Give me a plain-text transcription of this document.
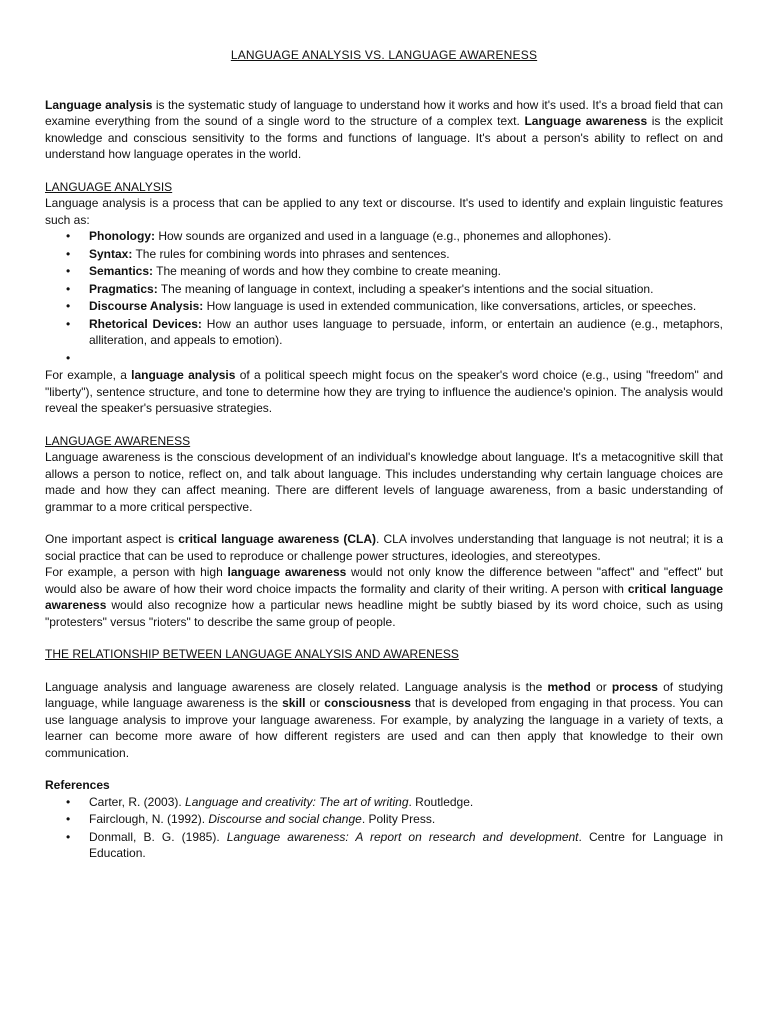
LANGUAGE ANALYSIS VS. LANGUAGE AWARENESS

Language analysis is the systematic study of language to understand how it works and how it's used. It's a broad field that can examine everything from the sound of a single word to the structure of a complex text. Language awareness is the explicit knowledge and conscious sensitivity to the forms and functions of language. It's about a person's ability to reflect on and understand how language operates in the world.

LANGUAGE ANALYSIS

Language analysis is a process that can be applied to any text or discourse. It's used to identify and explain linguistic features such as:

• Phonology: How sounds are organized and used in a language (e.g., phonemes and allophones).
• Syntax: The rules for combining words into phrases and sentences.
• Semantics: The meaning of words and how they combine to create meaning.
• Pragmatics: The meaning of language in context, including a speaker's intentions and the social situation.
• Discourse Analysis: How language is used in extended communication, like conversations, articles, or speeches.
• Rhetorical Devices: How an author uses language to persuade, inform, or entertain an audience (e.g., metaphors, alliteration, and appeals to emotion).
•

For example, a language analysis of a political speech might focus on the speaker's word choice (e.g., using "freedom" and "liberty"), sentence structure, and tone to determine how they are trying to influence the audience's opinion. The analysis would reveal the speaker's persuasive strategies.

LANGUAGE AWARENESS

Language awareness is the conscious development of an individual's knowledge about language. It's a metacognitive skill that allows a person to notice, reflect on, and talk about language. This includes understanding why certain language choices are made and how they can affect meaning. There are different levels of language awareness, from a basic understanding of grammar to a more critical perspective.

One important aspect is critical language awareness (CLA). CLA involves understanding that language is not neutral; it is a social practice that can be used to reproduce or challenge power structures, ideologies, and stereotypes.

For example, a person with high language awareness would not only know the difference between "affect" and "effect" but would also be aware of how their word choice impacts the formality and clarity of their writing. A person with critical language awareness would also recognize how a particular news headline might be subtly biased by its word choice, such as using "protesters" versus "rioters" to describe the same group of people.

THE RELATIONSHIP BETWEEN LANGUAGE ANALYSIS AND AWARENESS

Language analysis and language awareness are closely related. Language analysis is the method or process of studying language, while language awareness is the skill or consciousness that is developed from engaging in that process. You can use language analysis to improve your language awareness. For example, by analyzing the language in a variety of texts, a learner can become more aware of how different registers are used and can then apply that knowledge to their own communication.

References

• Carter, R. (2003). Language and creativity: The art of writing. Routledge.
• Fairclough, N. (1992). Discourse and social change. Polity Press.
• Donmall, B. G. (1985). Language awareness: A report on research and development. Centre for Language in Education.
